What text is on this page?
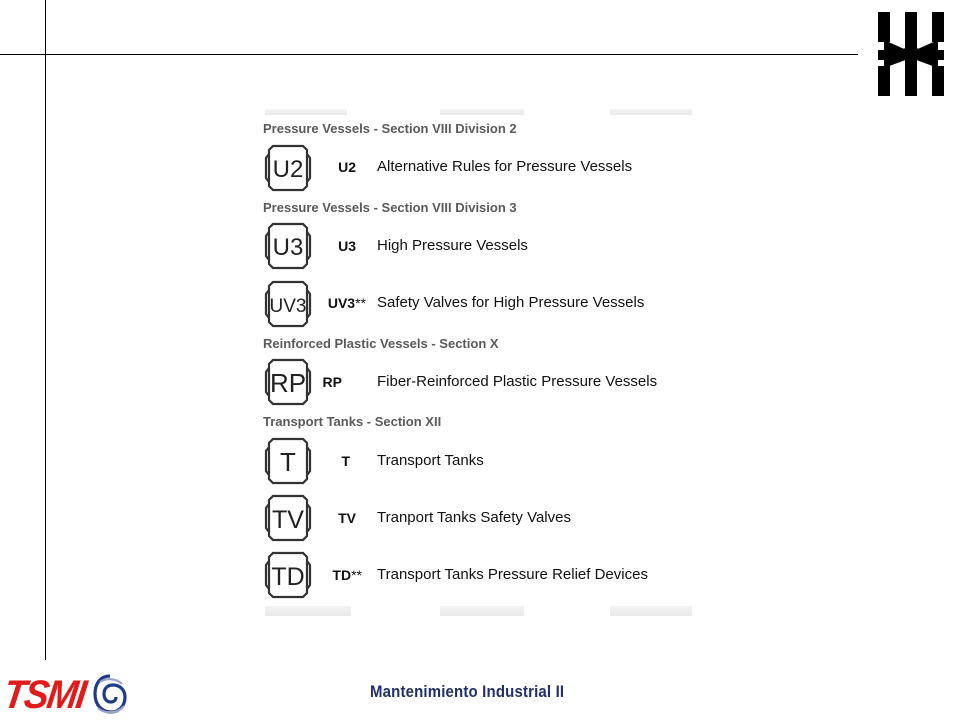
Pressure Vessels - Section VIII Division 2
U2	U2 Alternative Rules for Pressure Vessels
Pressure Vessels - Section VIII Division 3
U3	U3 High Pressure Vessels
UV3	UV3** Safety Valves for High Pressure Vessels
Reinforced Plastic Vessels - Section X
RP	RP Fiber-Reinforced Plastic Pressure Vessels
Transport Tanks - Section XII
T	T Transport Tanks
TV	TV Tranport Tanks Safety Valves
TD	TD** Transport Tanks Pressure Relief Devices
TSMI	Mantenimiento Industrial II
